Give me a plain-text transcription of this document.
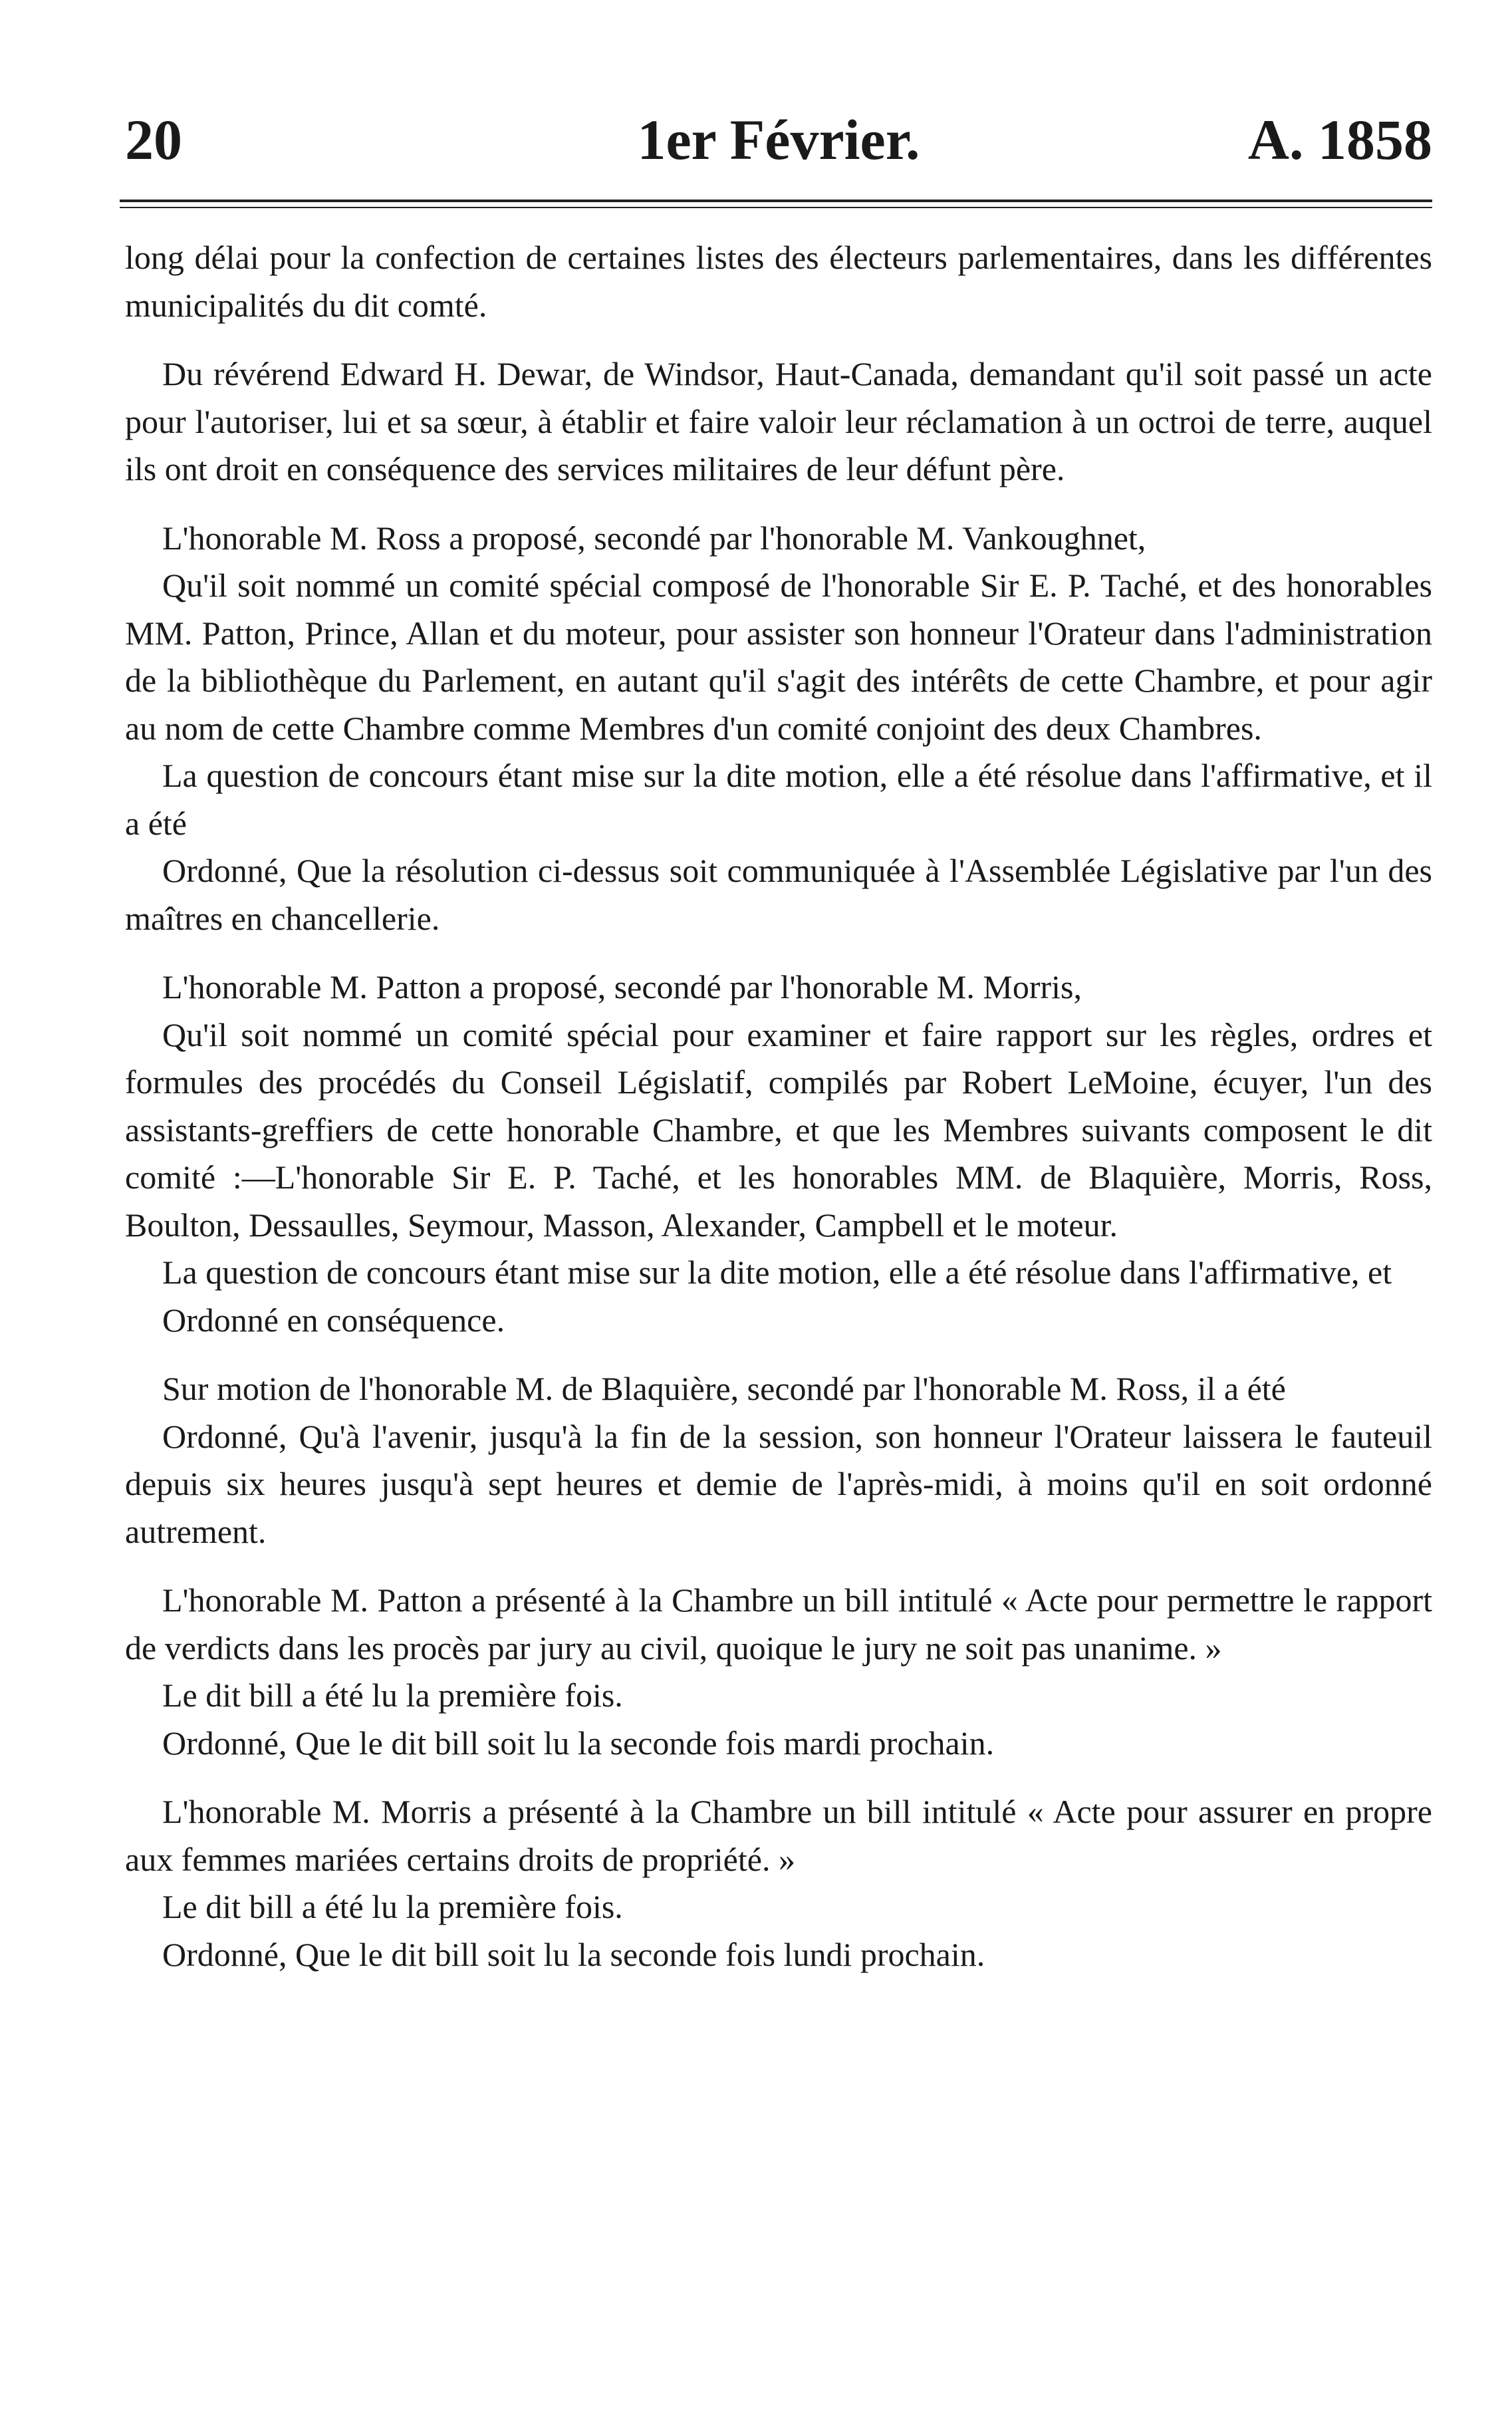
20	1er Février.	A. 1858

long délai pour la confection de certaines listes des électeurs parlementaires, dans les différentes municipalités du dit comté.

Du révérend Edward H. Dewar, de Windsor, Haut-Canada, demandant qu'il soit passé un acte pour l'autoriser, lui et sa sœur, à établir et faire valoir leur réclamation à un octroi de terre, auquel ils ont droit en conséquence des services militaires de leur défunt père.

L'honorable M. Ross a proposé, secondé par l'honorable M. Vankoughnet,

Qu'il soit nommé un comité spécial composé de l'honorable Sir E. P. Taché, et des honorables MM. Patton, Prince, Allan et du moteur, pour assister son honneur l'Orateur dans l'administration de la bibliothèque du Parlement, en autant qu'il s'agit des intérêts de cette Chambre, et pour agir au nom de cette Chambre comme Membres d'un comité conjoint des deux Chambres.

La question de concours étant mise sur la dite motion, elle a été résolue dans l'affirmative, et il a été

Ordonné, Que la résolution ci-dessus soit communiquée à l'Assemblée Législative par l'un des maîtres en chancellerie.

L'honorable M. Patton a proposé, secondé par l'honorable M. Morris,

Qu'il soit nommé un comité spécial pour examiner et faire rapport sur les règles, ordres et formules des procédés du Conseil Législatif, compilés par Robert LeMoine, écuyer, l'un des assistants-greffiers de cette honorable Chambre, et que les Membres suivants composent le dit comité :—L'honorable Sir E. P. Taché, et les honorables MM. de Blaquière, Morris, Ross, Boulton, Dessaulles, Seymour, Masson, Alexander, Campbell et le moteur.

La question de concours étant mise sur la dite motion, elle a été résolue dans l'affirmative, et

Ordonné en conséquence.

Sur motion de l'honorable M. de Blaquière, secondé par l'honorable M. Ross, il a été

Ordonné, Qu'à l'avenir, jusqu'à la fin de la session, son honneur l'Orateur laissera le fauteuil depuis six heures jusqu'à sept heures et demie de l'après-midi, à moins qu'il en soit ordonné autrement.

L'honorable M. Patton a présenté à la Chambre un bill intitulé « Acte pour permettre le rapport de verdicts dans les procès par jury au civil, quoique le jury ne soit pas unanime. »

Le dit bill a été lu la première fois.

Ordonné, Que le dit bill soit lu la seconde fois mardi prochain.

L'honorable M. Morris a présenté à la Chambre un bill intitulé « Acte pour assurer en propre aux femmes mariées certains droits de propriété. »

Le dit bill a été lu la première fois.

Ordonné, Que le dit bill soit lu la seconde fois lundi prochain.
